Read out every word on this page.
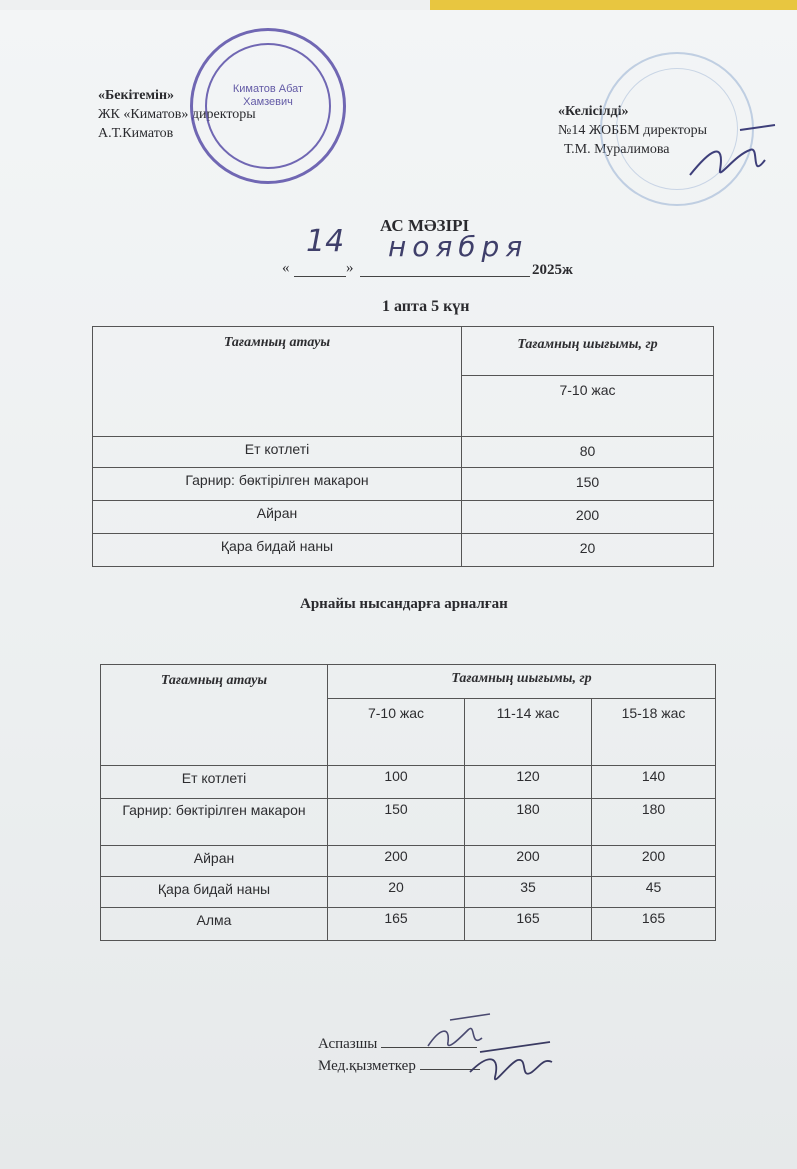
«Бекітемін»
ЖК «Киматов» директоры
А.Т.Киматов
Киматов Абат Хамзевич
«Келісілді»
№14 ЖОББМ директоры
Т.М. Муралимова
АС МӘЗІРІ
«
14
»
ноября
2025ж
1 апта 5 күн
Тағамның атауы	Тағамның шығымы, гр
	7-10 жас
Ет котлеті	80
Гарнир: бөктірілген макарон	150
Айран	200
Қара бидай наны	20
Арнайы нысандарға арналған
Тағамның атауы	Тағамның шығымы, гр		
	7-10 жас	11-14 жас	15-18 жас
Ет котлеті	100	120	140
Гарнир: бөктірілген макарон	150	180	180
Айран	200	200	200
Қара бидай наны	20	35	45
Алма	165	165	165
Аспазшы
Мед.қызметкер
